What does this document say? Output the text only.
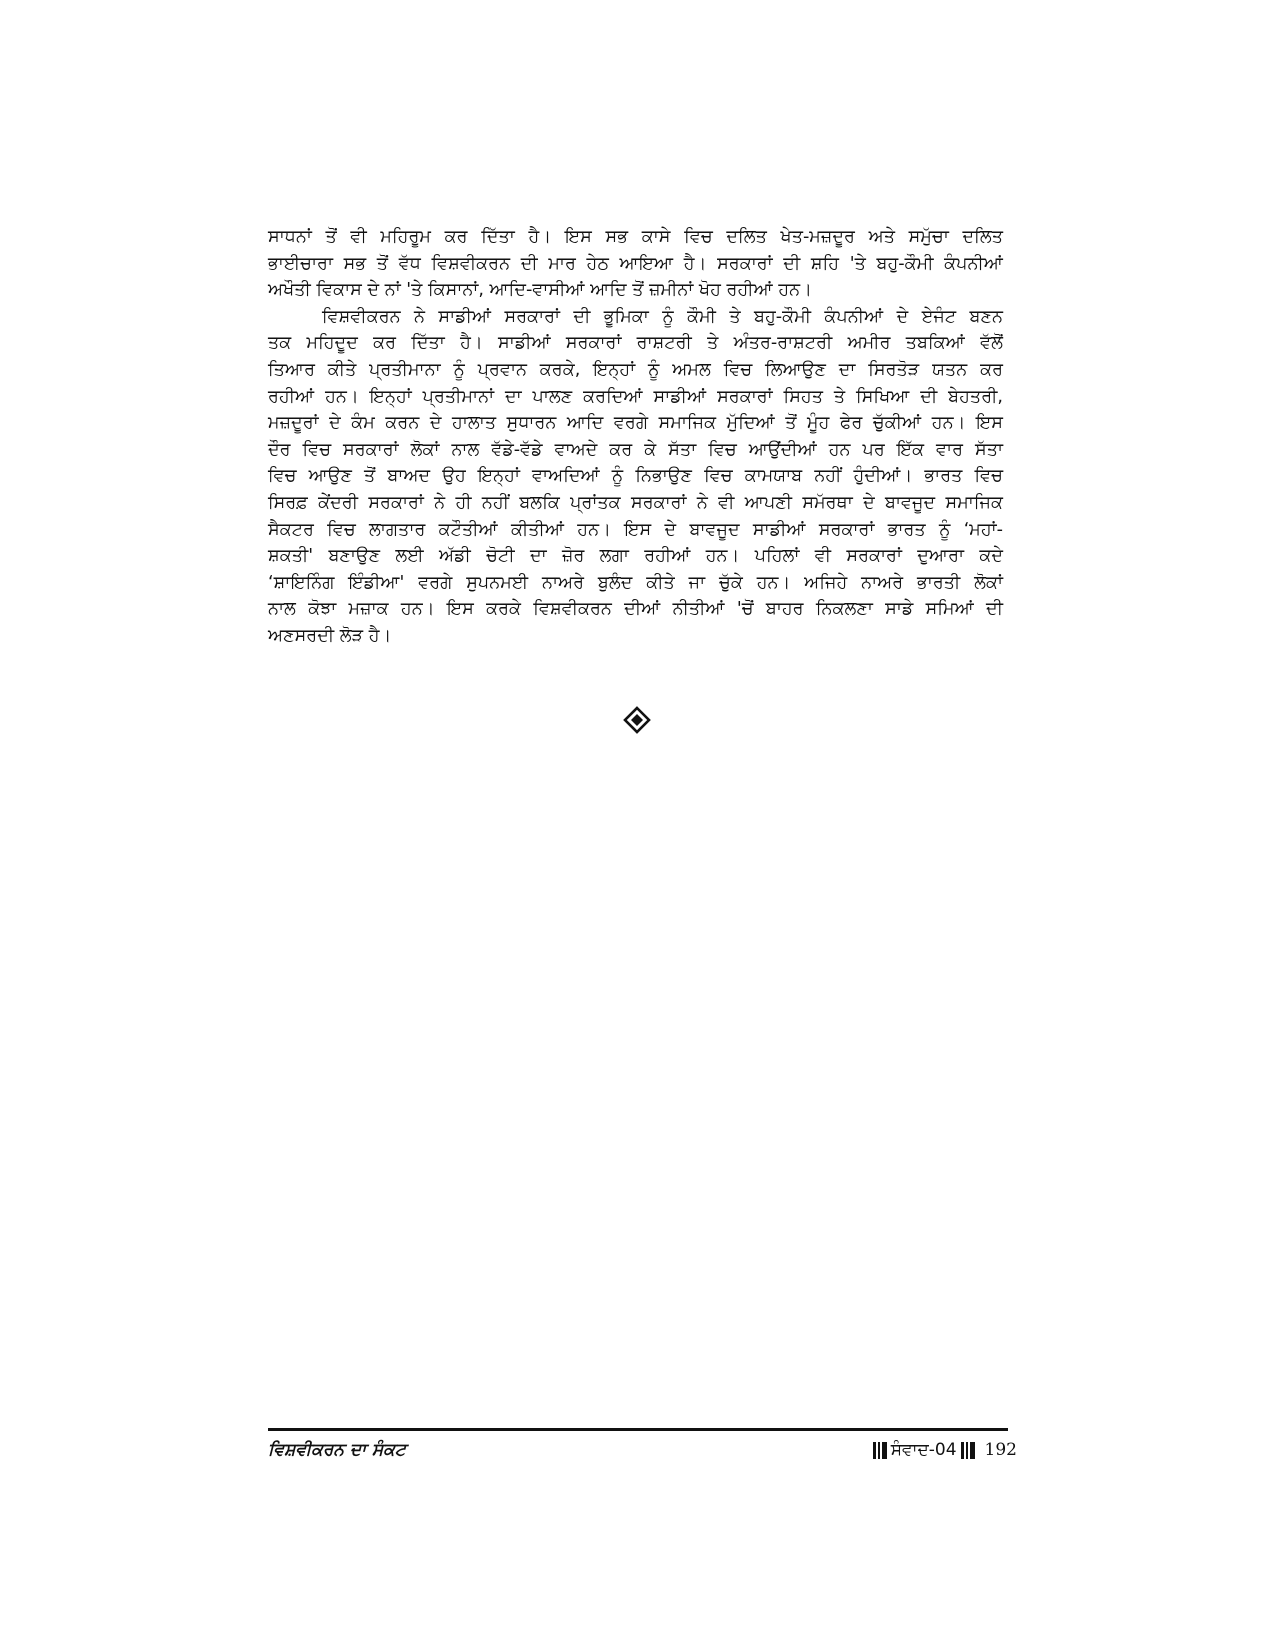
ਸਾਧਨਾਂ ਤੋਂ ਵੀ ਮਹਿਰੂਮ ਕਰ ਦਿੱਤਾ ਹੈ। ਇਸ ਸਭ ਕਾਸੇ ਵਿਚ ਦਲਿਤ ਖੇਤ-ਮਜ਼ਦੂਰ ਅਤੇ ਸਮੁੱਚਾ ਦਲਿਤ
ਭਾਈਚਾਰਾ ਸਭ ਤੋਂ ਵੱਧ ਵਿਸ਼ਵੀਕਰਨ ਦੀ ਮਾਰ ਹੇਠ ਆਇਆ ਹੈ। ਸਰਕਾਰਾਂ ਦੀ ਸ਼ਹਿ 'ਤੇ ਬਹੁ-ਕੌਮੀ ਕੰਪਨੀਆਂ
ਅਖੌਤੀ ਵਿਕਾਸ ਦੇ ਨਾਂ 'ਤੇ ਕਿਸਾਨਾਂ, ਆਦਿ-ਵਾਸੀਆਂ ਆਦਿ ਤੋਂ ਜ਼ਮੀਨਾਂ ਖੋਹ ਰਹੀਆਂ ਹਨ।
ਵਿਸ਼ਵੀਕਰਨ ਨੇ ਸਾਡੀਆਂ ਸਰਕਾਰਾਂ ਦੀ ਭੂਮਿਕਾ ਨੂੰ ਕੌਮੀ ਤੇ ਬਹੁ-ਕੌਮੀ ਕੰਪਨੀਆਂ ਦੇ ਏਜੰਟ ਬਣਨ
ਤਕ ਮਹਿਦੂਦ ਕਰ ਦਿੱਤਾ ਹੈ। ਸਾਡੀਆਂ ਸਰਕਾਰਾਂ ਰਾਸ਼ਟਰੀ ਤੇ ਅੰਤਰ-ਰਾਸ਼ਟਰੀ ਅਮੀਰ ਤਬਕਿਆਂ ਵੱਲੋਂ
ਤਿਆਰ ਕੀਤੇ ਪ੍ਰਤੀਮਾਨਾ ਨੂੰ ਪ੍ਰਵਾਨ ਕਰਕੇ, ਇਨ੍ਹਾਂ ਨੂੰ ਅਮਲ ਵਿਚ ਲਿਆਉਣ ਦਾ ਸਿਰਤੋੜ ਯਤਨ ਕਰ
ਰਹੀਆਂ ਹਨ। ਇਨ੍ਹਾਂ ਪ੍ਰਤੀਮਾਨਾਂ ਦਾ ਪਾਲਣ ਕਰਦਿਆਂ ਸਾਡੀਆਂ ਸਰਕਾਰਾਂ ਸਿਹਤ ਤੇ ਸਿਖਿਆ ਦੀ ਬੇਹਤਰੀ,
ਮਜ਼ਦੂਰਾਂ ਦੇ ਕੰਮ ਕਰਨ ਦੇ ਹਾਲਾਤ ਸੁਧਾਰਨ ਆਦਿ ਵਰਗੇ ਸਮਾਜਿਕ ਮੁੱਦਿਆਂ ਤੋਂ ਮੂੰਹ ਫੇਰ ਚੁੱਕੀਆਂ ਹਨ। ਇਸ
ਦੌਰ ਵਿਚ ਸਰਕਾਰਾਂ ਲੋਕਾਂ ਨਾਲ ਵੱਡੇ-ਵੱਡੇ ਵਾਅਦੇ ਕਰ ਕੇ ਸੱਤਾ ਵਿਚ ਆਉਂਦੀਆਂ ਹਨ ਪਰ ਇੱਕ ਵਾਰ ਸੱਤਾ
ਵਿਚ ਆਉਣ ਤੋਂ ਬਾਅਦ ਉਹ ਇਨ੍ਹਾਂ ਵਾਅਦਿਆਂ ਨੂੰ ਨਿਭਾਉਣ ਵਿਚ ਕਾਮਯਾਬ ਨਹੀਂ ਹੁੰਦੀਆਂ। ਭਾਰਤ ਵਿਚ
ਸਿਰਫ਼ ਕੇਂਦਰੀ ਸਰਕਾਰਾਂ ਨੇ ਹੀ ਨਹੀਂ ਬਲਕਿ ਪ੍ਰਾਂਤਕ ਸਰਕਾਰਾਂ ਨੇ ਵੀ ਆਪਣੀ ਸਮੱਰਥਾ ਦੇ ਬਾਵਜੂਦ ਸਮਾਜਿਕ
ਸੈਕਟਰ ਵਿਚ ਲਾਗਤਾਰ ਕਟੌਤੀਆਂ ਕੀਤੀਆਂ ਹਨ। ਇਸ ਦੇ ਬਾਵਜੂਦ ਸਾਡੀਆਂ ਸਰਕਾਰਾਂ ਭਾਰਤ ਨੂੰ ‘ਮਹਾਂ-
ਸ਼ਕਤੀ' ਬਣਾਉਣ ਲਈ ਅੱਡੀ ਚੋਟੀ ਦਾ ਜ਼ੋਰ ਲਗਾ ਰਹੀਆਂ ਹਨ। ਪਹਿਲਾਂ ਵੀ ਸਰਕਾਰਾਂ ਦੁਆਰਾ ਕਦੇ
‘ਸ਼ਾਇਨਿੰਗ ਇੰਡੀਆ' ਵਰਗੇ ਸੁਪਨਮਈ ਨਾਅਰੇ ਬੁਲੰਦ ਕੀਤੇ ਜਾ ਚੁੱਕੇ ਹਨ। ਅਜਿਹੇ ਨਾਅਰੇ ਭਾਰਤੀ ਲੋਕਾਂ
ਨਾਲ ਕੋਝਾ ਮਜ਼ਾਕ ਹਨ। ਇਸ ਕਰਕੇ ਵਿਸ਼ਵੀਕਰਨ ਦੀਆਂ ਨੀਤੀਆਂ 'ਚੋਂ ਬਾਹਰ ਨਿਕਲਣਾ ਸਾਡੇ ਸਮਿਆਂ ਦੀ
ਅਣਸਰਦੀ ਲੋੜ ਹੈ।
ਵਿਸ਼ਵੀਕਰਨ ਦਾ ਸੰਕਟ	ਸੰਵਾਦ-04 192
